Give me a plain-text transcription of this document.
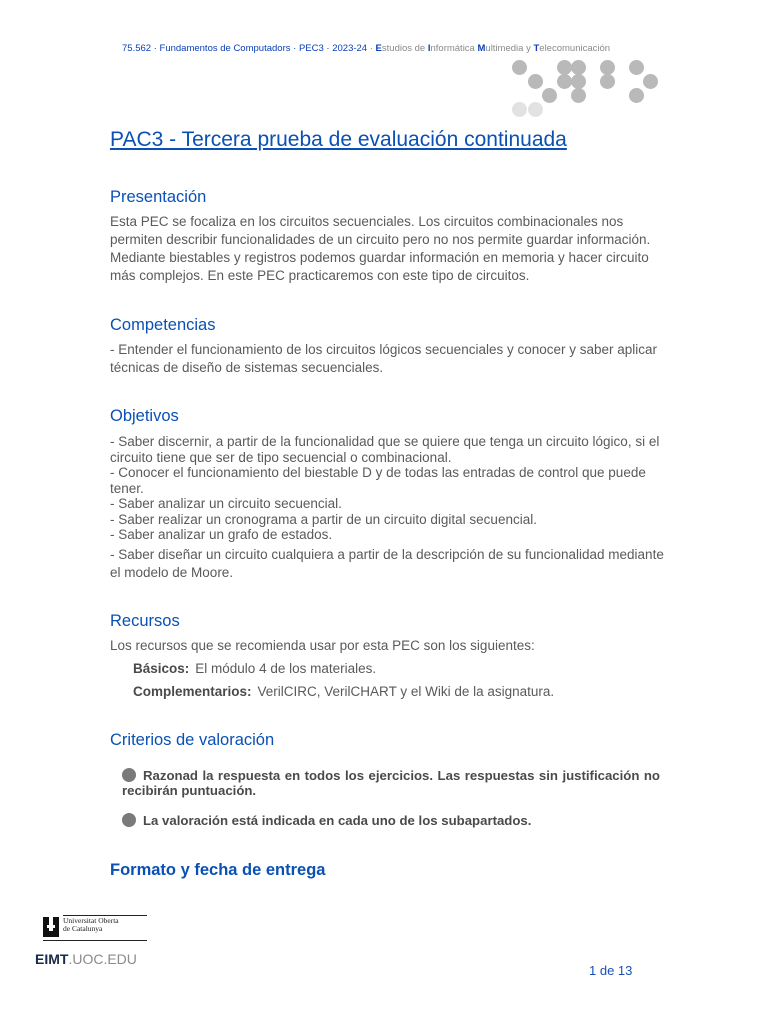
75.562 · Fundamentos de Computadors · PEC3 · 2023-24 · Estudios de Informática Multimedia y Telecomunicación
PAC3 - Tercera prueba de evaluación continuada
Presentación
Esta PEC se focaliza en los circuitos secuenciales. Los circuitos combinacionales nos permiten describir funcionalidades de un circuito pero no nos permite guardar información. Mediante biestables y registros podemos guardar información en memoria y hacer circuito más complejos. En este PEC practicaremos con este tipo de circuitos.
Competencias
- Entender el funcionamiento de los circuitos lógicos secuenciales y conocer y saber aplicar técnicas de diseño de sistemas secuenciales.
Objetivos
- Saber discernir, a partir de la funcionalidad que se quiere que tenga un circuito lógico, si el circuito tiene que ser de tipo secuencial o combinacional.
- Conocer el funcionamiento del biestable D y de todas las entradas de control que puede tener.
- Saber analizar un circuito secuencial.
- Saber realizar un cronograma a partir de un circuito digital secuencial.
- Saber analizar un grafo de estados.
- Saber diseñar un circuito cualquiera a partir de la descripción de su funcionalidad mediante el modelo de Moore.
Recursos
Los recursos que se recomienda usar por esta PEC son los siguientes:
Básicos: El módulo 4 de los materiales.
Complementarios: VerilCIRC, VerilCHART y el Wiki de la asignatura.
Criterios de valoración
Razonad la respuesta en todos los ejercicios. Las respuestas sin justificación no recibirán puntuación.
La valoración está indicada en cada uno de los subapartados.
Formato y fecha de entrega
Universitat Oberta
de Catalunya
EIMT.UOC.EDU
1 de 13
